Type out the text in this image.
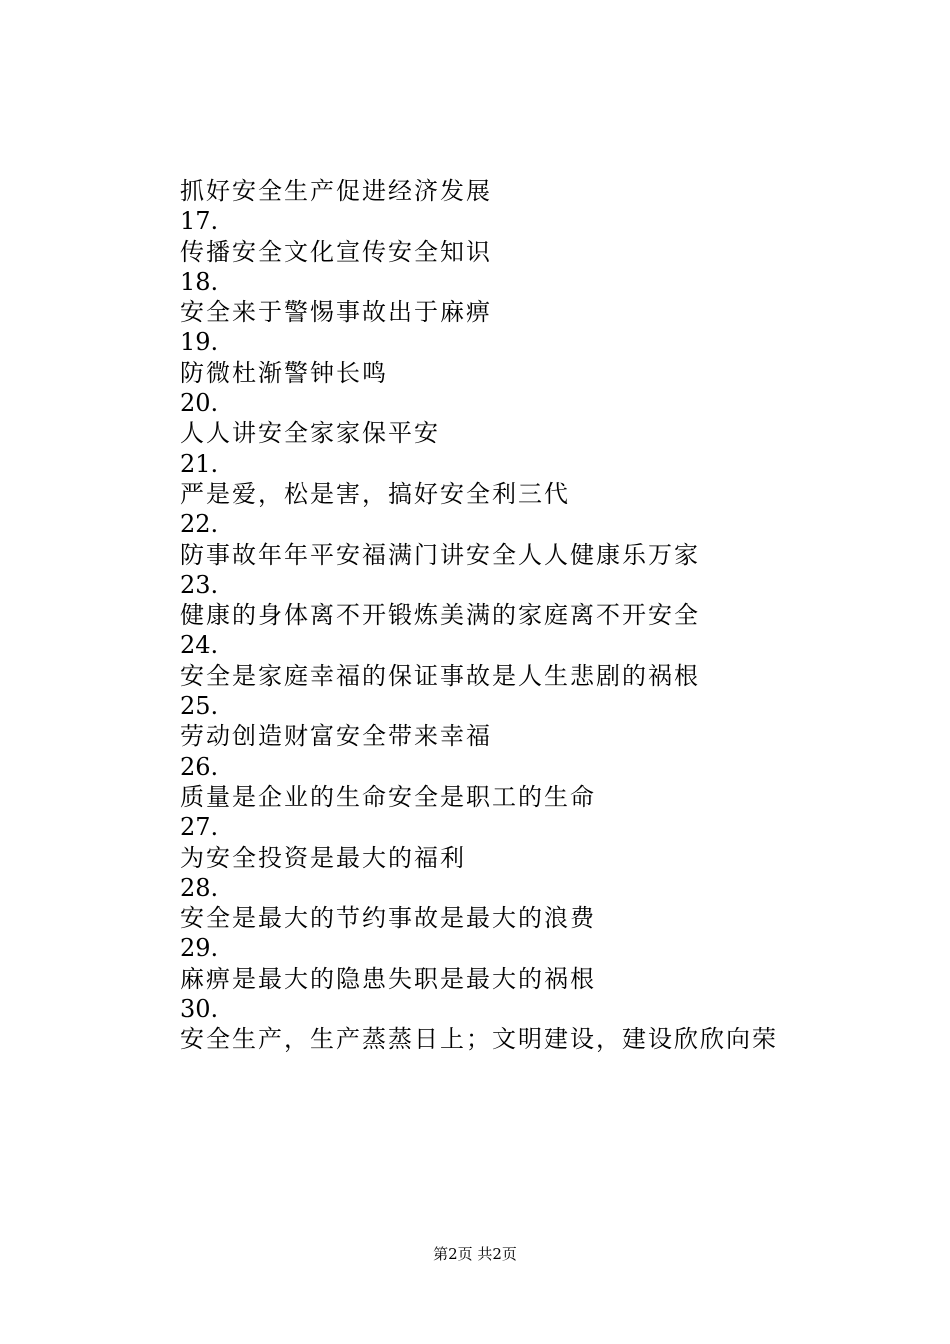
抓好安全生产促进经济发展
17.
传播安全文化宣传安全知识
18.
安全来于警惕事故出于麻痹
19.
防微杜渐警钟长鸣
20.
人人讲安全家家保平安
21.
严是爱，松是害，搞好安全利三代
22.
防事故年年平安福满门讲安全人人健康乐万家
23.
健康的身体离不开锻炼美满的家庭离不开安全
24.
安全是家庭幸福的保证事故是人生悲剧的祸根
25.
劳动创造财富安全带来幸福
26.
质量是企业的生命安全是职工的生命
27.
为安全投资是最大的福利
28.
安全是最大的节约事故是最大的浪费
29.
麻痹是最大的隐患失职是最大的祸根
30.
安全生产，生产蒸蒸日上；文明建设，建设欣欣向荣
第2页 共2页
